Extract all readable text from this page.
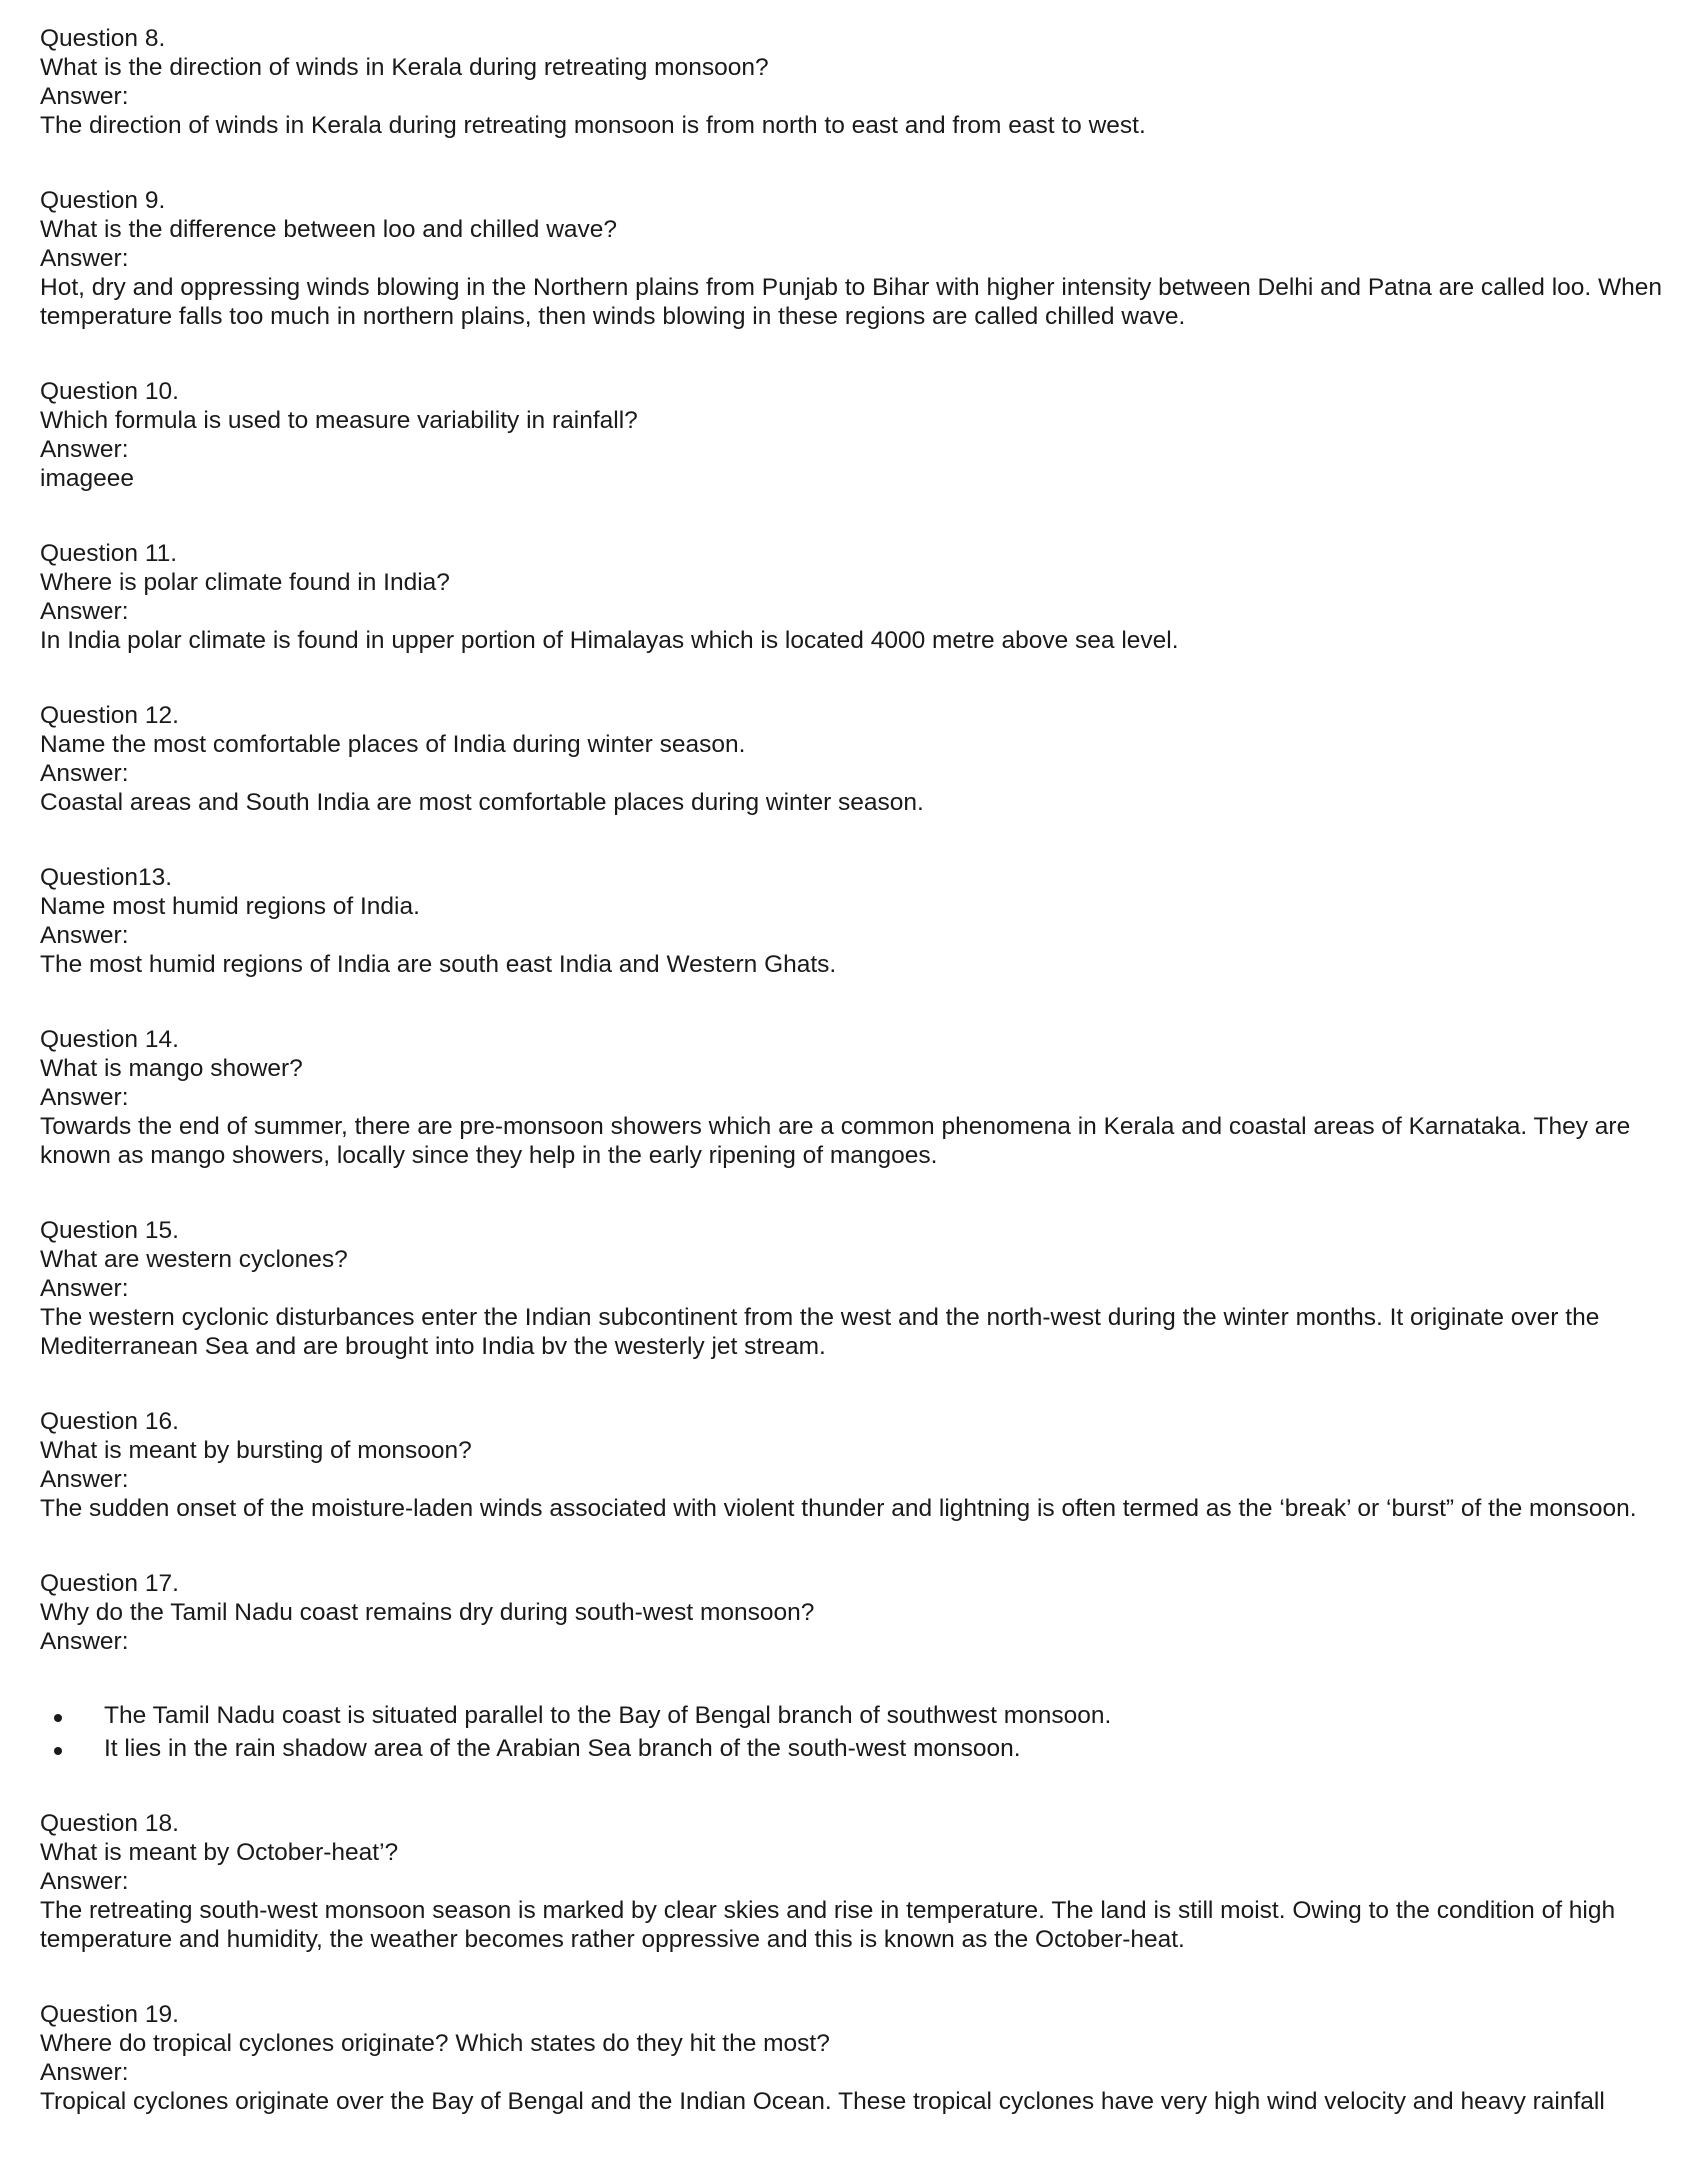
Question 8.
What is the direction of winds in Kerala during retreating monsoon?
Answer:
The direction of winds in Kerala during retreating monsoon is from north to east and from east to west.
Question 9.
What is the difference between loo and chilled wave?
Answer:
Hot, dry and oppressing winds blowing in the Northern plains from Punjab to Bihar with higher intensity between Delhi and Patna are called loo. When temperature falls too much in northern plains, then winds blowing in these regions are called chilled wave.
Question 10.
Which formula is used to measure variability in rainfall?
Answer:
imageee
Question 11.
Where is polar climate found in India?
Answer:
In India polar climate is found in upper portion of Himalayas which is located 4000 metre above sea level.
Question 12.
Name the most comfortable places of India during winter season.
Answer:
Coastal areas and South India are most comfortable places during winter season.
Question13.
Name most humid regions of India.
Answer:
The most humid regions of India are south east India and Western Ghats.
Question 14.
What is mango shower?
Answer:
Towards the end of summer, there are pre-monsoon showers which are a common phenomena in Kerala and coastal areas of Karnataka. They are known as mango showers, locally since they help in the early ripening of mangoes.
Question 15.
What are western cyclones?
Answer:
The western cyclonic disturbances enter the Indian subcontinent from the west and the north-west during the winter months. It originate over the Mediterranean Sea and are brought into India bv the westerly jet stream.
Question 16.
What is meant by bursting of monsoon?
Answer:
The sudden onset of the moisture-laden winds associated with violent thunder and lightning is often termed as the ‘break’ or ‘burst” of the monsoon.
Question 17.
Why do the Tamil Nadu coast remains dry during south-west monsoon?
Answer:
The Tamil Nadu coast is situated parallel to the Bay of Bengal branch of southwest monsoon.
It lies in the rain shadow area of the Arabian Sea branch of the south-west monsoon.
Question 18.
What is meant by October-heat’?
Answer:
The retreating south-west monsoon season is marked by clear skies and rise in temperature. The land is still moist. Owing to the condition of high temperature and humidity, the weather becomes rather oppressive and this is known as the October-heat.
Question 19.
Where do tropical cyclones originate? Which states do they hit the most?
Answer:
Tropical cyclones originate over the Bay of Bengal and the Indian Ocean. These tropical cyclones have very high wind velocity and heavy rainfall
